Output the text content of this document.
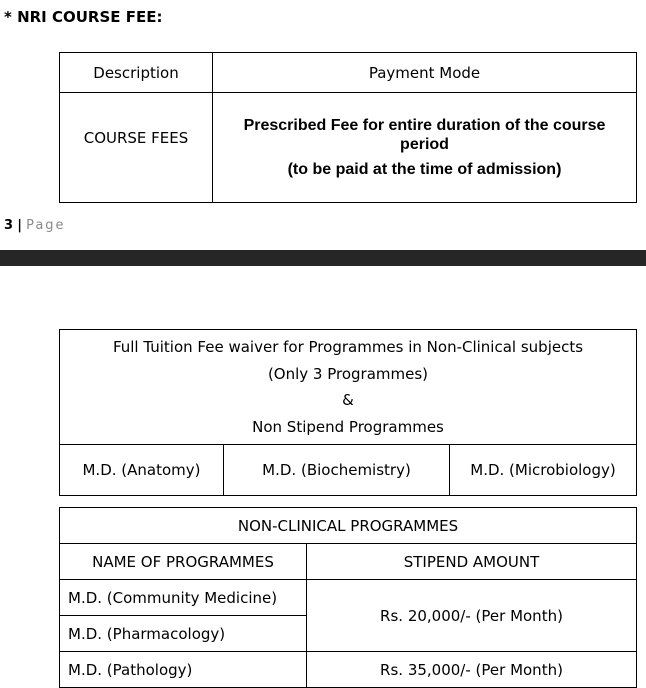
* NRI COURSE FEE:
Description	Payment Mode
COURSE FEES	Prescribed Fee for entire duration of the course period
(to be paid at the time of admission)
3 | Page
Full Tuition Fee waiver for Programmes in Non-Clinical subjects
(Only 3 Programmes)
&
Non Stipend Programmes

M.D. (Anatomy)	M.D. (Biochemistry)	M.D. (Microbiology)
NON-CLINICAL PROGRAMMES	
NAME OF PROGRAMMES	STIPEND AMOUNT
M.D. (Community Medicine)	Rs. 20,000/- (Per Month)
M.D. (Pharmacology)	
M.D. (Pathology)	Rs. 35,000/- (Per Month)
